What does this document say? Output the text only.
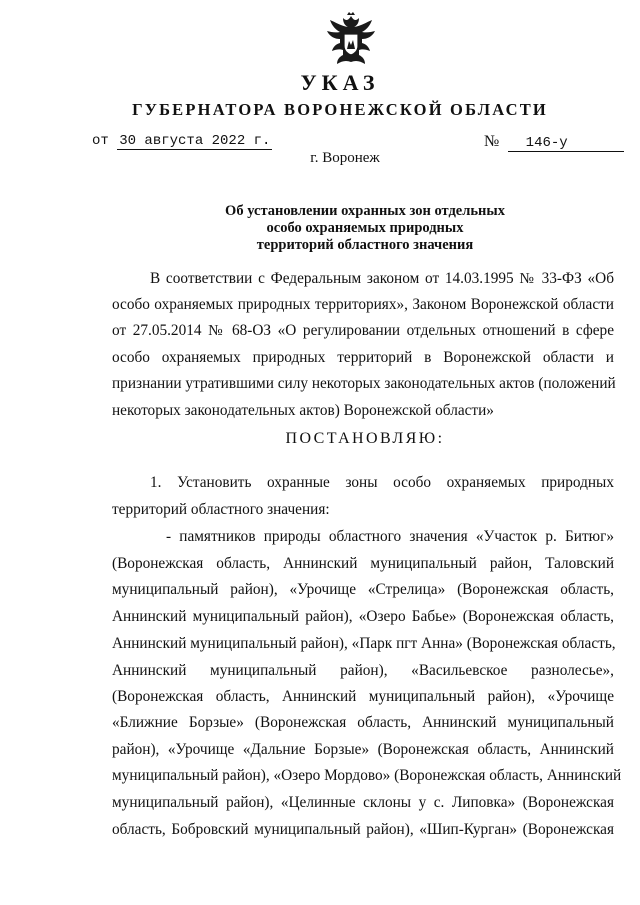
УКАЗ
ГУБЕРНАТОРА ВОРОНЕЖСКОЙ ОБЛАСТИ
от 30 августа 2022 г.	№ 146-у
г. Воронеж
Об установлении охранных зон отдельных
особо охраняемых природных
территорий областного значения
В соответствии с Федеральным законом от 14.03.1995 № 33-ФЗ «Об
особо охраняемых природных территориях», Законом Воронежской области
от 27.05.2014 № 68-ОЗ «О регулировании отдельных отношений в сфере
особо охраняемых природных территорий в Воронежской области и
признании утратившими силу некоторых законодательных актов (положений
некоторых законодательных актов) Воронежской области»
ПОСТАНОВЛЯЮ:
1. Установить охранные зоны особо охраняемых природных
территорий областного значения:
- памятников природы областного значения «Участок р. Битюг»
(Воронежская область, Аннинский муниципальный район, Таловский
муниципальный район), «Урочище «Стрелица» (Воронежская область,
Аннинский муниципальный район), «Озеро Бабье» (Воронежская область,
Аннинский муниципальный район), «Парк пгт Анна» (Воронежская область,
Аннинский муниципальный район), «Васильевское разнолесье»,
(Воронежская область, Аннинский муниципальный район), «Урочище
«Ближние Борзые» (Воронежская область, Аннинский муниципальный
район), «Урочище «Дальние Борзые» (Воронежская область, Аннинский
муниципальный район), «Озеро Мордово» (Воронежская область, Аннинский
муниципальный район), «Целинные склоны у с. Липовка» (Воронежская
область, Бобровский муниципальный район), «Шип-Курган» (Воронежская
